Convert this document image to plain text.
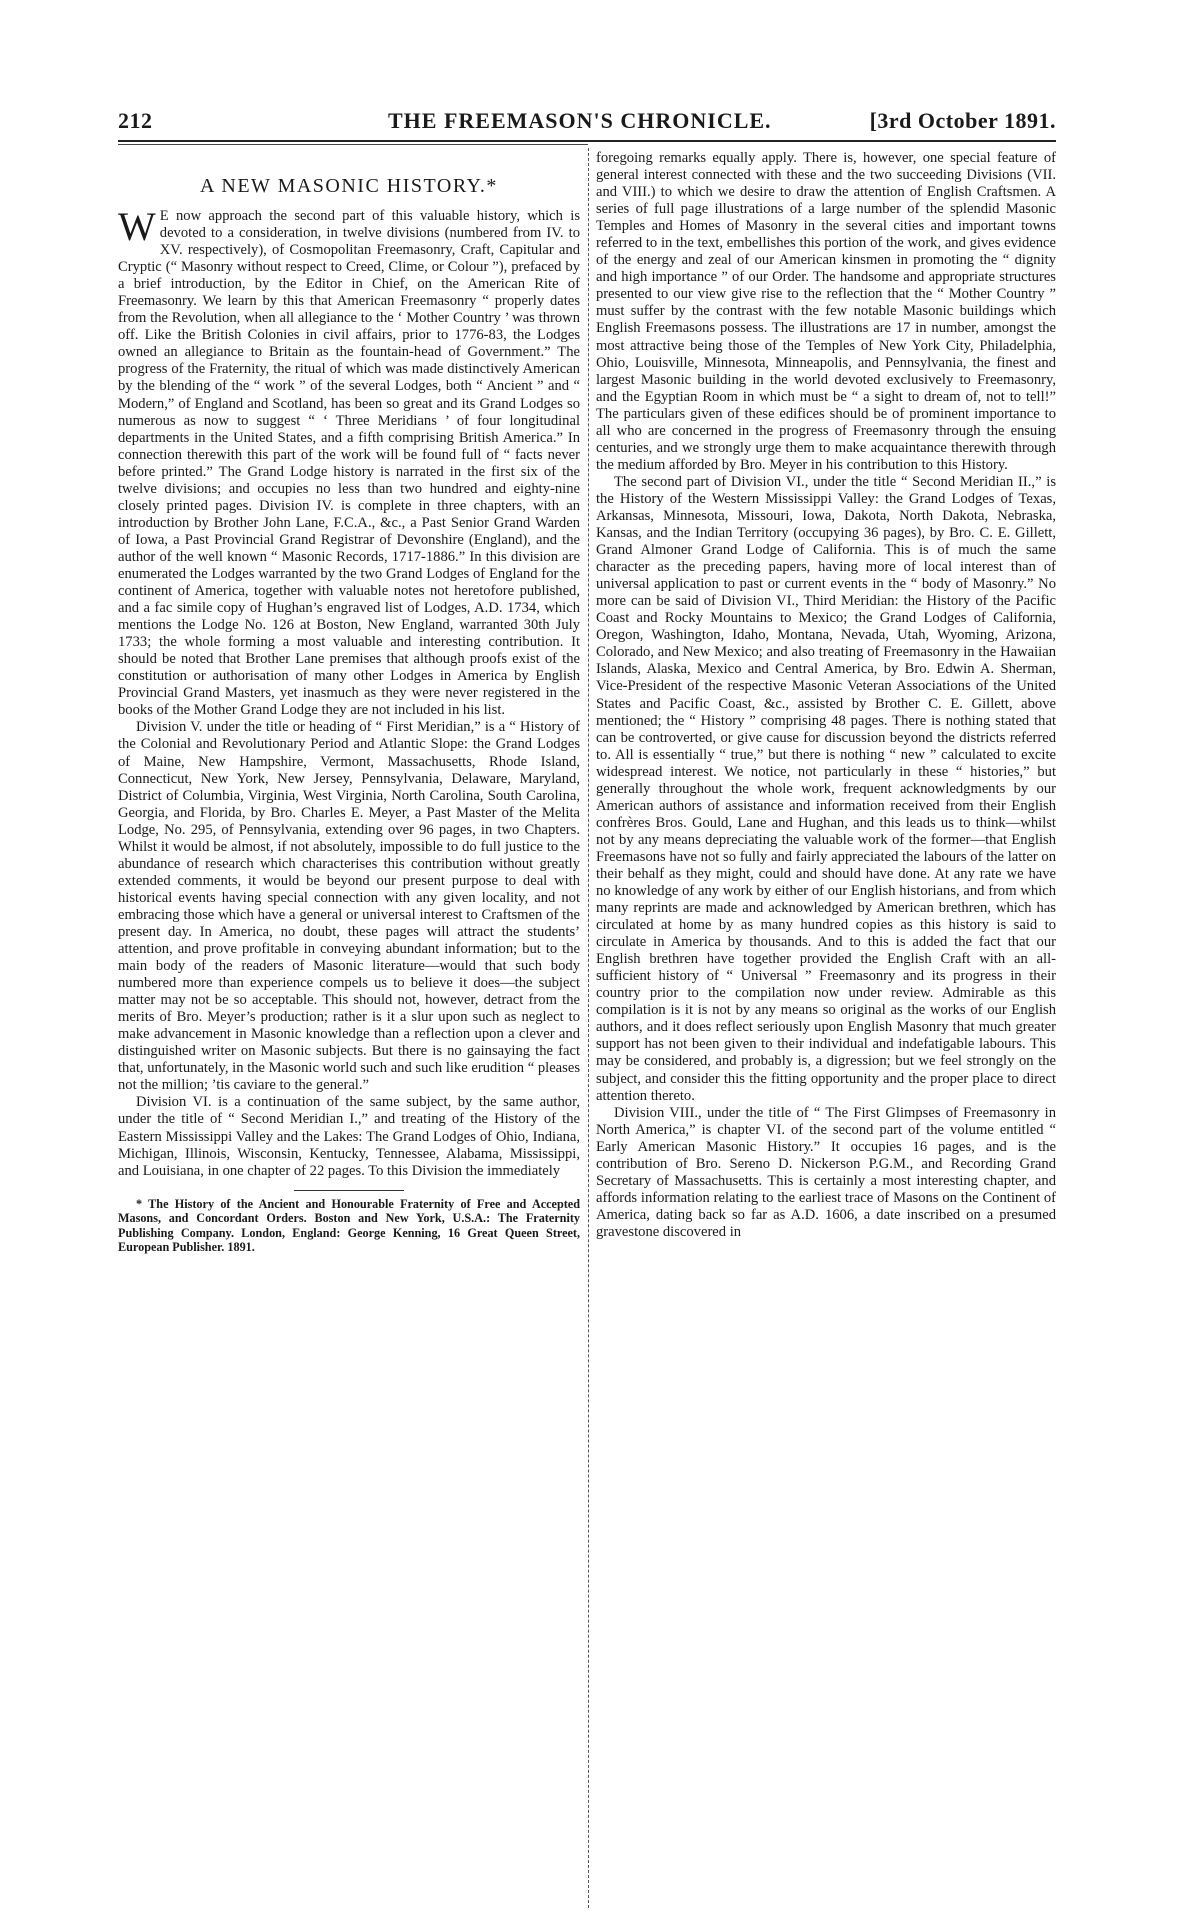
212	THE FREEMASON'S CHRONICLE.	[3rd October 1891.
A NEW MASONIC HISTORY.*

W E now approach the second part of this valuable history, which is devoted to a consideration, in twelve divisions (numbered from IV. to XV. respectively), of Cosmopolitan Freemasonry, Craft, Capitular and Cryptic (“ Masonry without respect to Creed, Clime, or Colour ”), prefaced by a brief introduction, by the Editor in Chief, on the American Rite of Freemasonry. We learn by this that American Freemasonry “ properly dates from the Revolution, when all allegiance to the ‘ Mother Country ’ was thrown off. Like the British Colonies in civil affairs, prior to 1776-83, the Lodges owned an allegiance to Britain as the fountain-head of Government.” The progress of the Fraternity, the ritual of which was made distinctively American by the blending of the “ work ” of the several Lodges, both “ Ancient ” and “ Modern,” of England and Scotland, has been so great and its Grand Lodges so numerous as now to suggest “ ‘ Three Meridians ’ of four longitudinal departments in the United States, and a fifth comprising British America.” In connection therewith this part of the work will be found full of “ facts never before printed.” The Grand Lodge history is narrated in the first six of the twelve divisions; and occupies no less than two hundred and eighty-nine closely printed pages. Division IV. is complete in three chapters, with an introduction by Brother John Lane, F.C.A., &c., a Past Senior Grand Warden of Iowa, a Past Provincial Grand Registrar of Devonshire (England), and the author of the well known “ Masonic Records, 1717-1886.” In this division are enumerated the Lodges warranted by the two Grand Lodges of England for the continent of America, together with valuable notes not heretofore published, and a fac simile copy of Hughan’s engraved list of Lodges, A.D. 1734, which mentions the Lodge No. 126 at Boston, New England, warranted 30th July 1733; the whole forming a most valuable and interesting contribution. It should be noted that Brother Lane premises that although proofs exist of the constitution or authorisation of many other Lodges in America by English Provincial Grand Masters, yet inasmuch as they were never registered in the books of the Mother Grand Lodge they are not included in his list.

Division V. under the title or heading of “ First Meridian,” is a “ History of the Colonial and Revolutionary Period and Atlantic Slope: the Grand Lodges of Maine, New Hampshire, Vermont, Massachusetts, Rhode Island, Connecticut, New York, New Jersey, Pennsylvania, Delaware, Maryland, District of Columbia, Virginia, West Virginia, North Carolina, South Carolina, Georgia, and Florida, by Bro. Charles E. Meyer, a Past Master of the Melita Lodge, No. 295, of Pennsylvania, extending over 96 pages, in two Chapters. Whilst it would be almost, if not absolutely, impossible to do full justice to the abundance of research which characterises this contribution without greatly extended comments, it would be beyond our present purpose to deal with historical events having special connection with any given locality, and not embracing those which have a general or universal interest to Craftsmen of the present day. In America, no doubt, these pages will attract the students’ attention, and prove profitable in conveying abundant information; but to the main body of the readers of Masonic literature—would that such body numbered more than experience compels us to believe it does—the subject matter may not be so acceptable. This should not, however, detract from the merits of Bro. Meyer’s production; rather is it a slur upon such as neglect to make advancement in Masonic knowledge than a reflection upon a clever and distinguished writer on Masonic subjects. But there is no gainsaying the fact that, unfortunately, in the Masonic world such and such like erudition “ pleases not the million; ’tis caviare to the general.”

Division VI. is a continuation of the same subject, by the same author, under the title of “ Second Meridian I.,” and treating of the History of the Eastern Mississippi Valley and the Lakes: The Grand Lodges of Ohio, Indiana, Michigan, Illinois, Wisconsin, Kentucky, Tennessee, Alabama, Mississippi, and Louisiana, in one chapter of 22 pages. To this Division the immediately

* The History of the Ancient and Honourable Fraternity of Free and Accepted Masons, and Concordant Orders. Boston and New York, U.S.A.: The Fraternity Publishing Company. London, England: George Kenning, 16 Great Queen Street, European Publisher. 1891.

foregoing remarks equally apply. There is, however, one special feature of general interest connected with these and the two succeeding Divisions (VII. and VIII.) to which we desire to draw the attention of English Craftsmen. A series of full page illustrations of a large number of the splendid Masonic Temples and Homes of Masonry in the several cities and important towns referred to in the text, embellishes this portion of the work, and gives evidence of the energy and zeal of our American kinsmen in promoting the “ dignity and high importance ” of our Order. The handsome and appropriate structures presented to our view give rise to the reflection that the “ Mother Country ” must suffer by the contrast with the few notable Masonic buildings which English Freemasons possess. The illustrations are 17 in number, amongst the most attractive being those of the Temples of New York City, Philadelphia, Ohio, Louisville, Minnesota, Minneapolis, and Pennsylvania, the finest and largest Masonic building in the world devoted exclusively to Freemasonry, and the Egyptian Room in which must be “ a sight to dream of, not to tell!” The particulars given of these edifices should be of prominent importance to all who are concerned in the progress of Freemasonry through the ensuing centuries, and we strongly urge them to make acquaintance therewith through the medium afforded by Bro. Meyer in his contribution to this History.

The second part of Division VI., under the title “ Second Meridian II.,” is the History of the Western Mississippi Valley: the Grand Lodges of Texas, Arkansas, Minnesota, Missouri, Iowa, Dakota, North Dakota, Nebraska, Kansas, and the Indian Territory (occupying 36 pages), by Bro. C. E. Gillett, Grand Almoner Grand Lodge of California. This is of much the same character as the preceding papers, having more of local interest than of universal application to past or current events in the “ body of Masonry.” No more can be said of Division VI., Third Meridian: the History of the Pacific Coast and Rocky Mountains to Mexico; the Grand Lodges of California, Oregon, Washington, Idaho, Montana, Nevada, Utah, Wyoming, Arizona, Colorado, and New Mexico; and also treating of Freemasonry in the Hawaiian Islands, Alaska, Mexico and Central America, by Bro. Edwin A. Sherman, Vice-President of the respective Masonic Veteran Associations of the United States and Pacific Coast, &c., assisted by Brother C. E. Gillett, above mentioned; the “ History ” comprising 48 pages. There is nothing stated that can be controverted, or give cause for discussion beyond the districts referred to. All is essentially “ true,” but there is nothing “ new ” calculated to excite widespread interest. We notice, not particularly in these “ histories,” but generally throughout the whole work, frequent acknowledgments by our American authors of assistance and information received from their English confrères Bros. Gould, Lane and Hughan, and this leads us to think—whilst not by any means depreciating the valuable work of the former—that English Freemasons have not so fully and fairly appreciated the labours of the latter on their behalf as they might, could and should have done. At any rate we have no knowledge of any work by either of our English historians, and from which many reprints are made and acknowledged by American brethren, which has circulated at home by as many hundred copies as this history is said to circulate in America by thousands. And to this is added the fact that our English brethren have together provided the English Craft with an all-sufficient history of “ Universal ” Freemasonry and its progress in their country prior to the compilation now under review. Admirable as this compilation is it is not by any means so original as the works of our English authors, and it does reflect seriously upon English Masonry that much greater support has not been given to their individual and indefatigable labours. This may be considered, and probably is, a digression; but we feel strongly on the subject, and consider this the fitting opportunity and the proper place to direct attention thereto.

Division VIII., under the title of “ The First Glimpses of Freemasonry in North America,” is chapter VI. of the second part of the volume entitled “ Early American Masonic History.” It occupies 16 pages, and is the contribution of Bro. Sereno D. Nickerson P.G.M., and Recording Grand Secretary of Massachusetts. This is certainly a most interesting chapter, and affords information relating to the earliest trace of Masons on the Continent of America, dating back so far as A.D. 1606, a date inscribed on a presumed gravestone discovered in
